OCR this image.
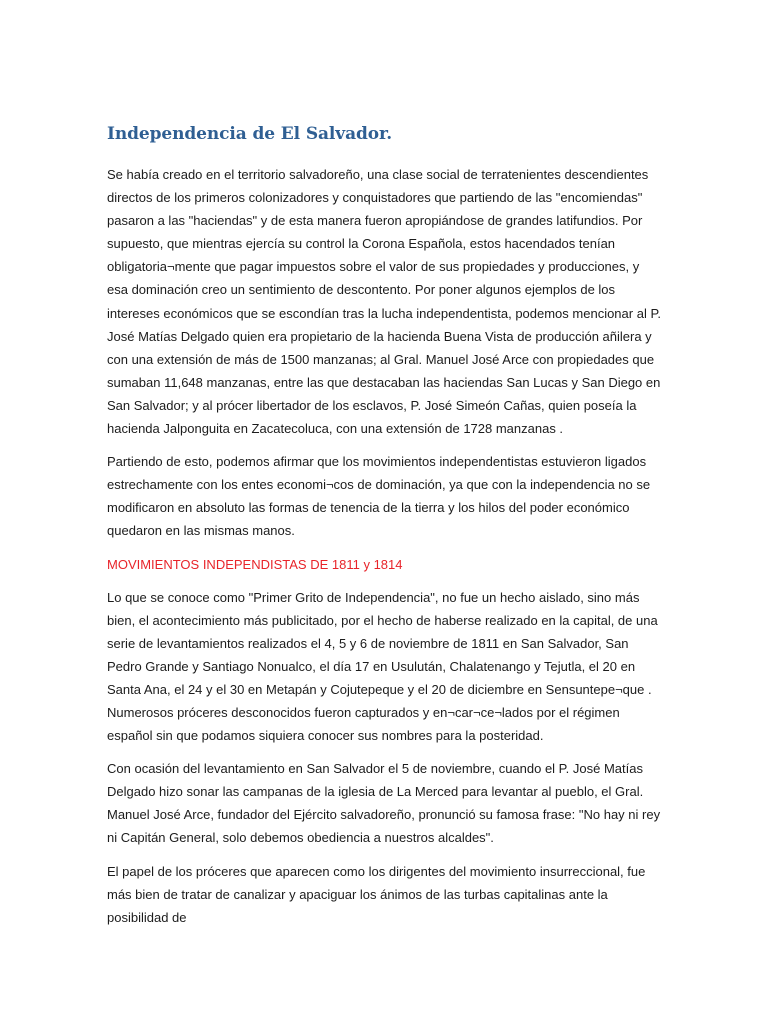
Independencia de El Salvador.

Se había creado en el territorio salvadoreño, una clase social de terratenientes descendientes directos de los primeros colonizadores y conquistadores que partiendo de las "encomiendas" pasaron a las "haciendas" y de esta manera fueron apropiándose de grandes latifundios. Por supuesto, que mientras ejercía su control la Corona Española, estos hacendados tenían obligatoria¬mente que pagar impuestos sobre el valor de sus propiedades y producciones, y esa dominación creo un sentimiento de descontento. Por poner algunos ejemplos de los intereses económicos que se escondían tras la lucha independentista, podemos mencionar al P. José Matías Delgado quien era propietario de la hacienda Buena Vista de producción añilera y con una extensión de más de 1500 manzanas; al Gral. Manuel José Arce con propiedades que sumaban 11,648 manzanas, entre las que destacaban las haciendas San Lucas y San Diego en San Salvador; y al prócer libertador de los esclavos, P. José Simeón Cañas, quien poseía la hacienda Jalponguita en Zacatecoluca, con una extensión de 1728 manzanas .

Partiendo de esto, podemos afirmar que los movimientos independentistas estuvieron ligados estrechamente con los entes economi¬cos de dominación, ya que con la independencia no se modificaron en absoluto las formas de tenencia de la tierra y los hilos del poder económico quedaron en las mismas manos.

MOVIMIENTOS INDEPENDISTAS DE 1811 y 1814

Lo que se conoce como "Primer Grito de Independencia", no fue un hecho aislado, sino más bien, el acontecimiento más publicitado, por el hecho de haberse realizado en la capital, de una serie de levantamientos realizados el 4, 5 y 6 de noviembre de 1811 en San Salvador, San Pedro Grande y Santiago Nonualco, el día 17 en Usulután, Chalatenango y Tejutla, el 20 en Santa Ana, el 24 y el 30 en Metapán y Cojutepeque y el 20 de diciembre en Sensuntepe¬que . Numerosos próceres desconocidos fueron capturados y en¬car¬ce¬lados por el régimen español sin que podamos siquiera conocer sus nombres para la posteridad.

Con ocasión del levantamiento en San Salvador el 5 de noviembre, cuando el P. José Matías Delgado hizo sonar las campanas de la iglesia de La Merced para levantar al pueblo, el Gral. Manuel José Arce, fundador del Ejército salvadoreño, pronunció su famosa frase: "No hay ni rey ni Capitán General, solo debemos obediencia a nuestros alcaldes".

El papel de los próceres que aparecen como los dirigentes del movimiento insurreccional, fue más bien de tratar de canalizar y apaciguar los ánimos de las turbas capitalinas ante la posibilidad de
